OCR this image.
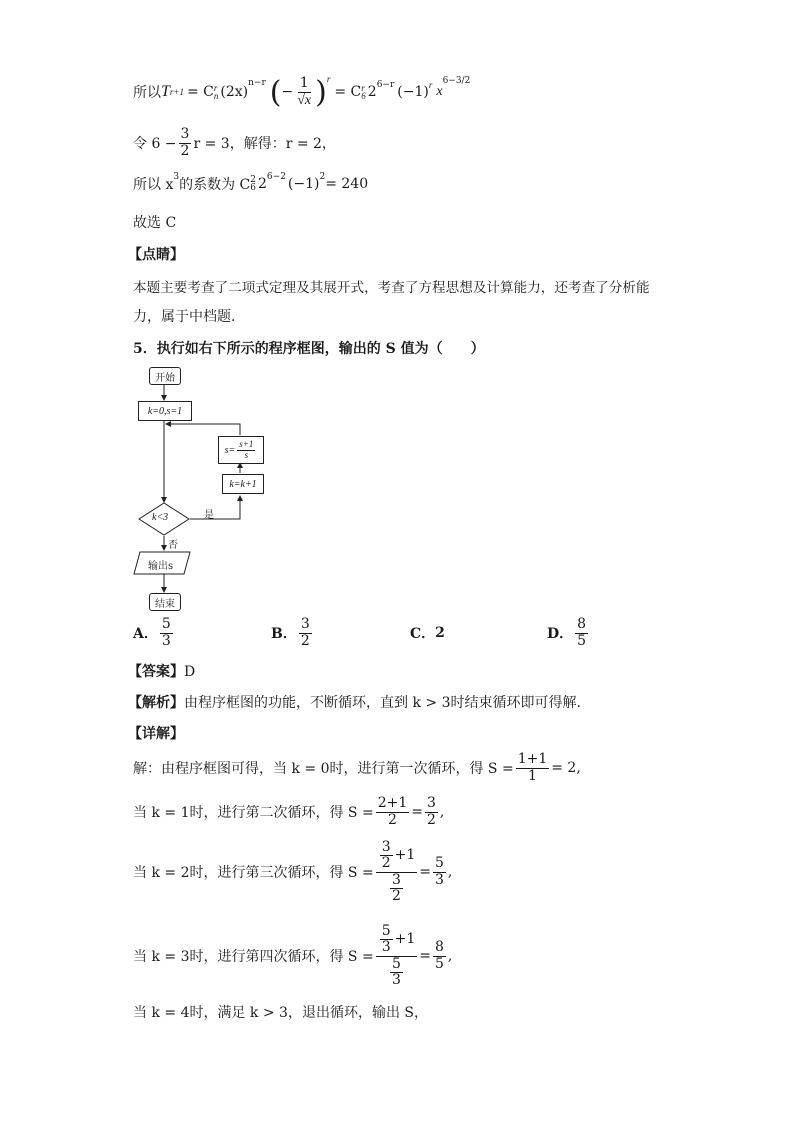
所以 T r+1 = C r
n (2x)
$^{n-r}$ ( − $\frac{1}{√x} )^r$
= C r
6 $2^{6-r}$ $(-1)^r$ x
$^{6-3/2}$
令 $6 - \frac{3}{2}$ r = 3，解得：r = 2，
所以 $x^3$ 的系数为 C 2
6 $2^{6-2}$ $(-1)^2 = 240$
故选 C
【点睛】
本题主要考查了二项式定理及其展开式，考查了方程思想及计算能力，还考查了分析能
力，属于中档题．
5．执行如右下所示的程序框图，输出的 S 值为（　　）
开始
k=0,s=1
$s= \frac{s+1}{s}$
k=k+1
k<3	是
否
输出s
结束
A． $\frac{5}{3}$	B． $\frac{3}{2}$	C． 2	D． $\frac{8}{5}$
【答案】D
【解析】由程序框图的功能，不断循环，直到 k > 3时结束循环即可得解.
【详解】
解：由程序框图可得，当 k = 0时，进行第一次循环，得 $S = \frac{1+1}{1} = 2$,
当 k = 1时，进行第二次循环，得 $S = \frac{2+1}{2} = \frac{3}{2}$ ,
当 k = 2时，进行第三次循环，得 $S = \frac{\frac{3}{2} +1}{\frac{3}{2}} = \frac{5}{3}$ ,
当 k = 3时，进行第四次循环，得 $S = \frac{\frac{5}{3} +1}{\frac{5}{3}} = \frac{8}{5}$ ,
当 k = 4时，满足 k > 3，退出循环，输出 S，
